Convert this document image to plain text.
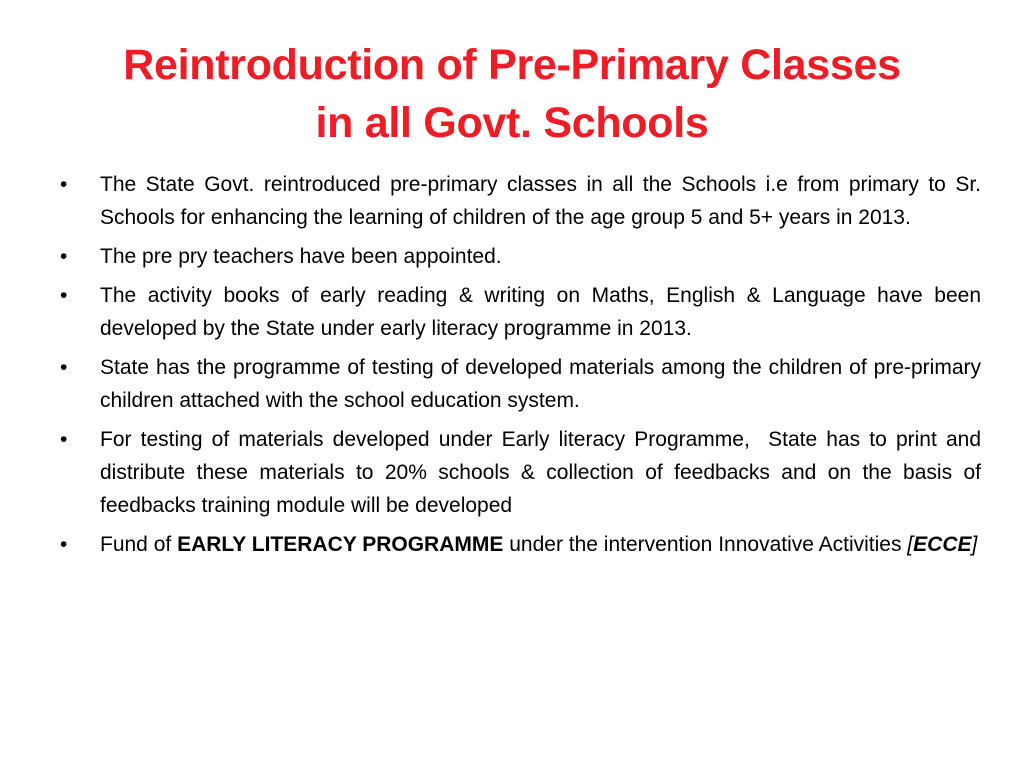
Reintroduction of Pre-Primary Classes
in all Govt. Schools
• The State Govt. reintroduced pre-primary classes in all the Schools i.e from primary to Sr. Schools for enhancing the learning of children of the age group 5 and 5+ years in 2013.
• The pre pry teachers have been appointed.
• The activity books of early reading & writing on Maths, English & Language have been developed by the State under early literacy programme in 2013.
• State has the programme of testing of developed materials among the children of pre-primary children attached with the school education system.
• For testing of materials developed under Early literacy Programme,  State has to print and distribute these materials to 20% schools & collection of feedbacks and on the basis of feedbacks training module will be developed
• Fund of EARLY LITERACY PROGRAMME under the intervention Innovative Activities [ECCE]
